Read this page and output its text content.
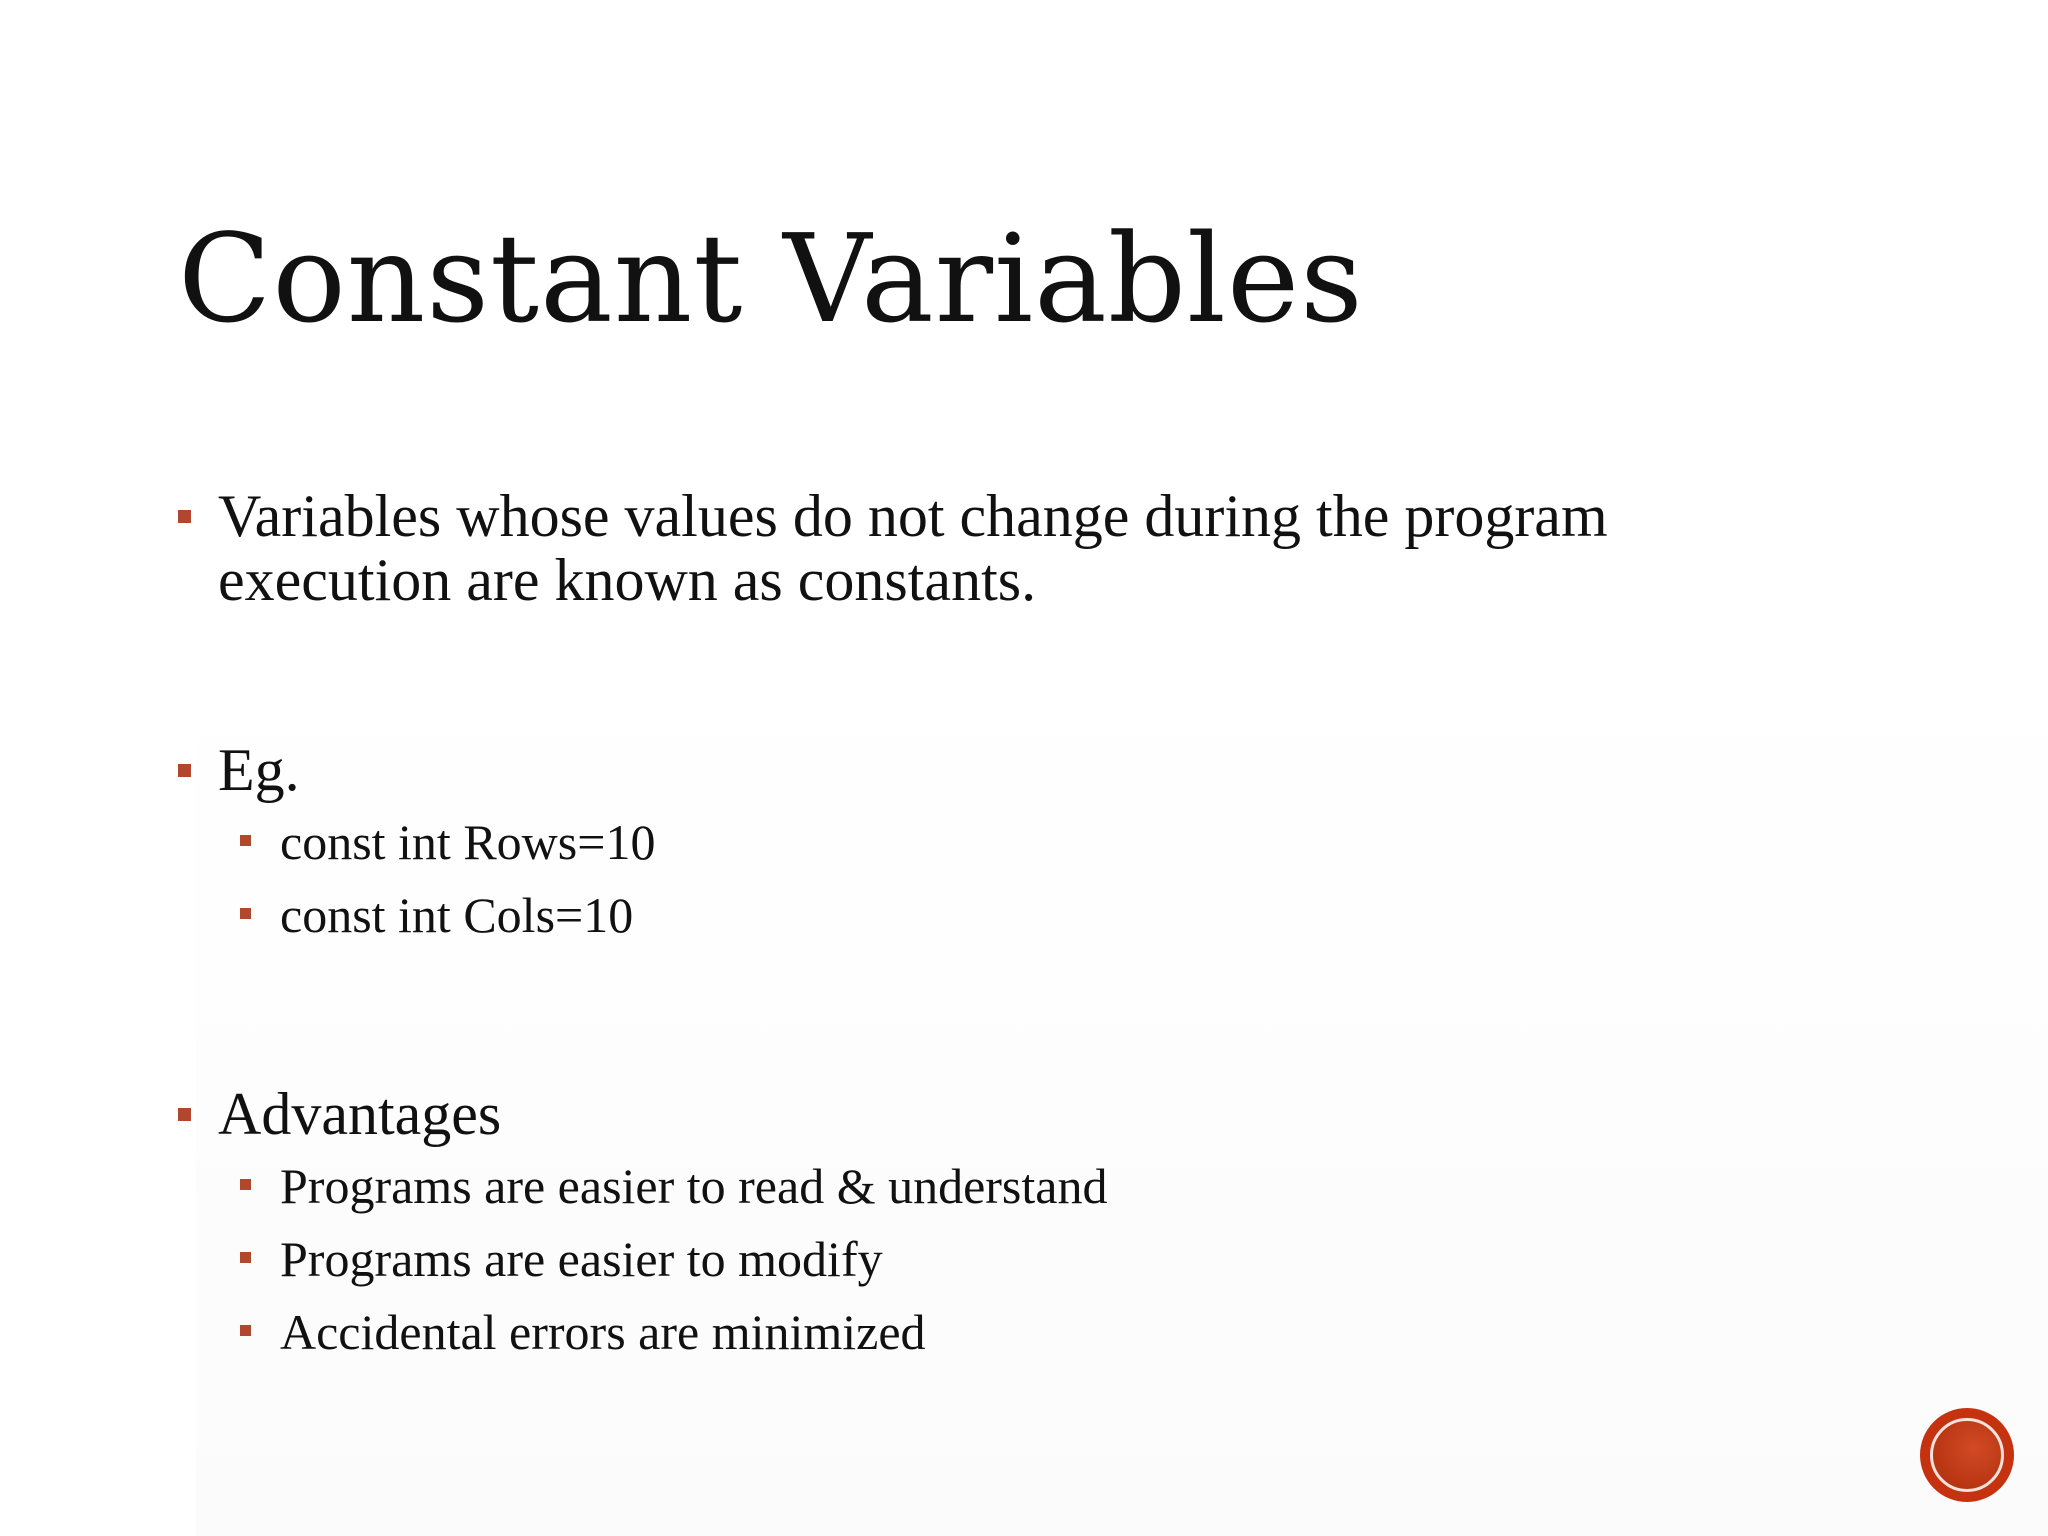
Constant Variables
Variables whose values do not change during the program
execution are known as constants.
Eg.
const int Rows=10
const int Cols=10
Advantages
Programs are easier to read & understand
Programs are easier to modify
Accidental errors are minimized
